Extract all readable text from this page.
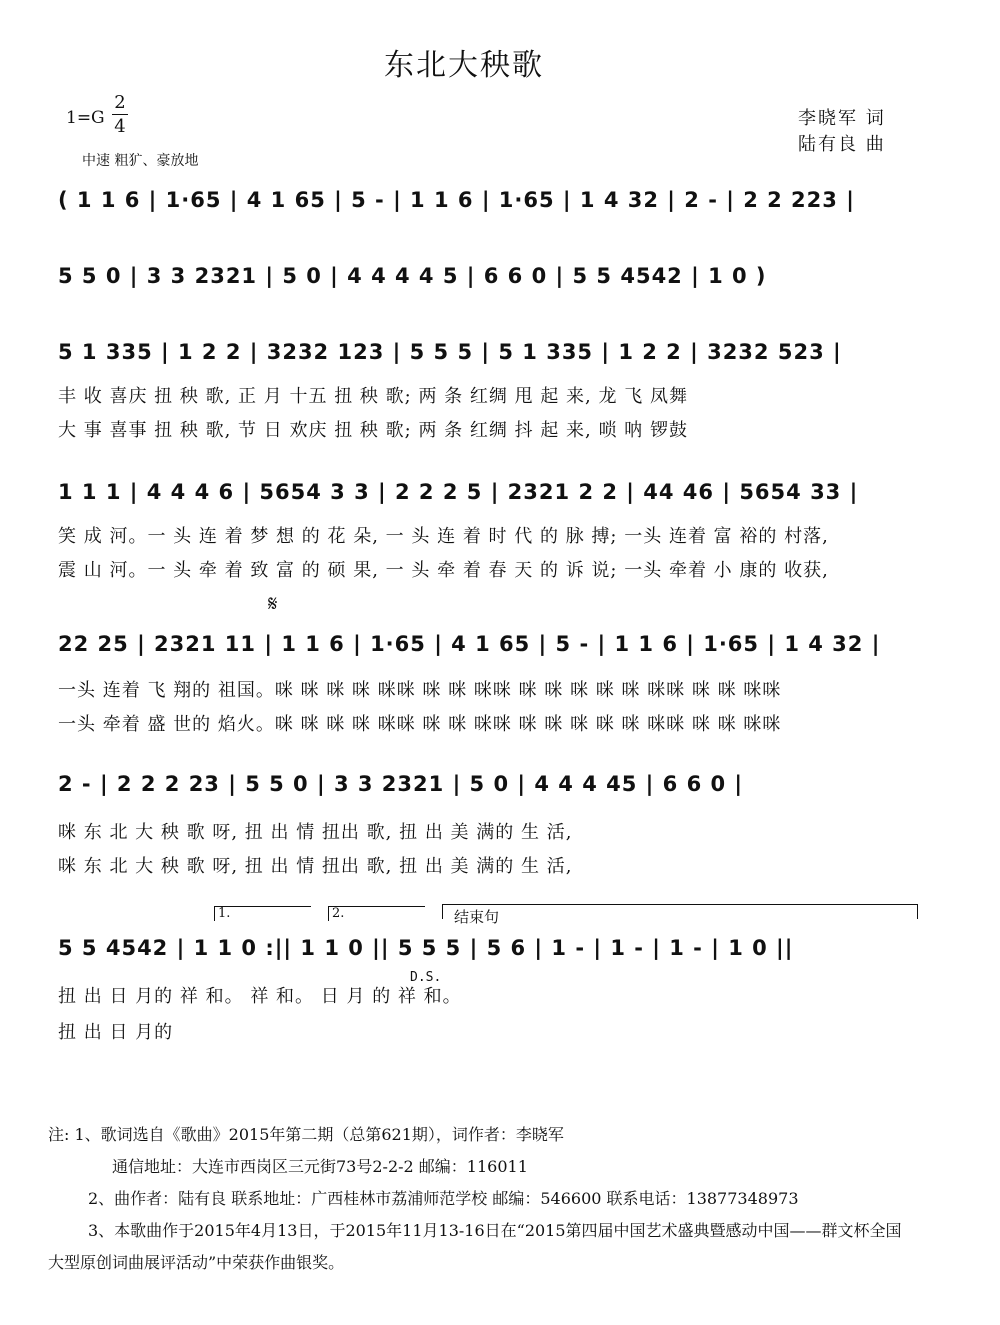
东北大秧歌
1=G
2
4
中速 粗犷、豪放地
李晓军 词
陆有良 曲
( 1 1 6 | 1·65 | 4 1 65 | 5 - | 1 1 6 | 1·65 | 1 4 32 | 2 - | 2 2 223 |
5 5 0 | 3 3 2321 | 5 0 | 4 4 4 4 5 | 6 6 0 | 5 5 4542 | 1 0 )
5 1 335 | 1 2 2 | 3232 123 | 5 5 5 | 5 1 335 | 1 2 2 | 3232 523 |
丰 收 喜庆 扭 秧 歌, 正 月 十五 扭 秧 歌; 两 条 红绸 甩 起 来, 龙 飞 凤舞
大 事 喜事 扭 秧 歌, 节 日 欢庆 扭 秧 歌; 两 条 红绸 抖 起 来, 唢 呐 锣鼓
1 1 1 | 4 4 4 6 | 5654 3 3 | 2 2 2 5 | 2321 2 2 | 44 46 | 5654 33 |
笑 成 河。一 头 连 着 梦 想 的 花 朵, 一 头 连 着 时 代 的 脉 搏; 一头 连着 富 裕的 村落,
震 山 河。一 头 牵 着 致 富 的 硕 果, 一 头 牵 着 春 天 的 诉 说; 一头 牵着 小 康的 收获,
𝄋
22 25 | 2321 11 | 1 1 6 | 1·65 | 4 1 65 | 5 - | 1 1 6 | 1·65 | 1 4 32 |
一头 连着 飞 翔的 祖国。咪 咪 咪 咪 咪咪 咪 咪 咪咪 咪 咪 咪 咪 咪 咪咪 咪 咪 咪咪
一头 牵着 盛 世的 焰火。咪 咪 咪 咪 咪咪 咪 咪 咪咪 咪 咪 咪 咪 咪 咪咪 咪 咪 咪咪
2 - | 2 2 2 23 | 5 5 0 | 3 3 2321 | 5 0 | 4 4 4 45 | 6 6 0 |
咪 东 北 大 秧 歌 呀, 扭 出 情 扭出 歌, 扭 出 美 满的 生 活,
咪 东 北 大 秧 歌 呀, 扭 出 情 扭出 歌, 扭 出 美 满的 生 活,
1.	2.	结束句
D.S.
5 5 4542 | 1 1 0 :|| 1 1 0 || 5 5 5 | 5 6 | 1 - | 1 - | 1 - | 1 0 ||
扭 出 日 月的 祥 和。 祥 和。 日 月 的 祥 和。
扭 出 日 月的
注: 1、歌词选自《歌曲》2015年第二期（总第621期），词作者：李晓军
通信地址：大连市西岗区三元街73号2-2-2 邮编：116011
2、曲作者：陆有良 联系地址：广西桂林市荔浦师范学校 邮编：546600 联系电话：13877348973
3、本歌曲作于2015年4月13日，于2015年11月13-16日在“2015第四届中国艺术盛典暨感动中国——群文杯全国
大型原创词曲展评活动”中荣获作曲银奖。
